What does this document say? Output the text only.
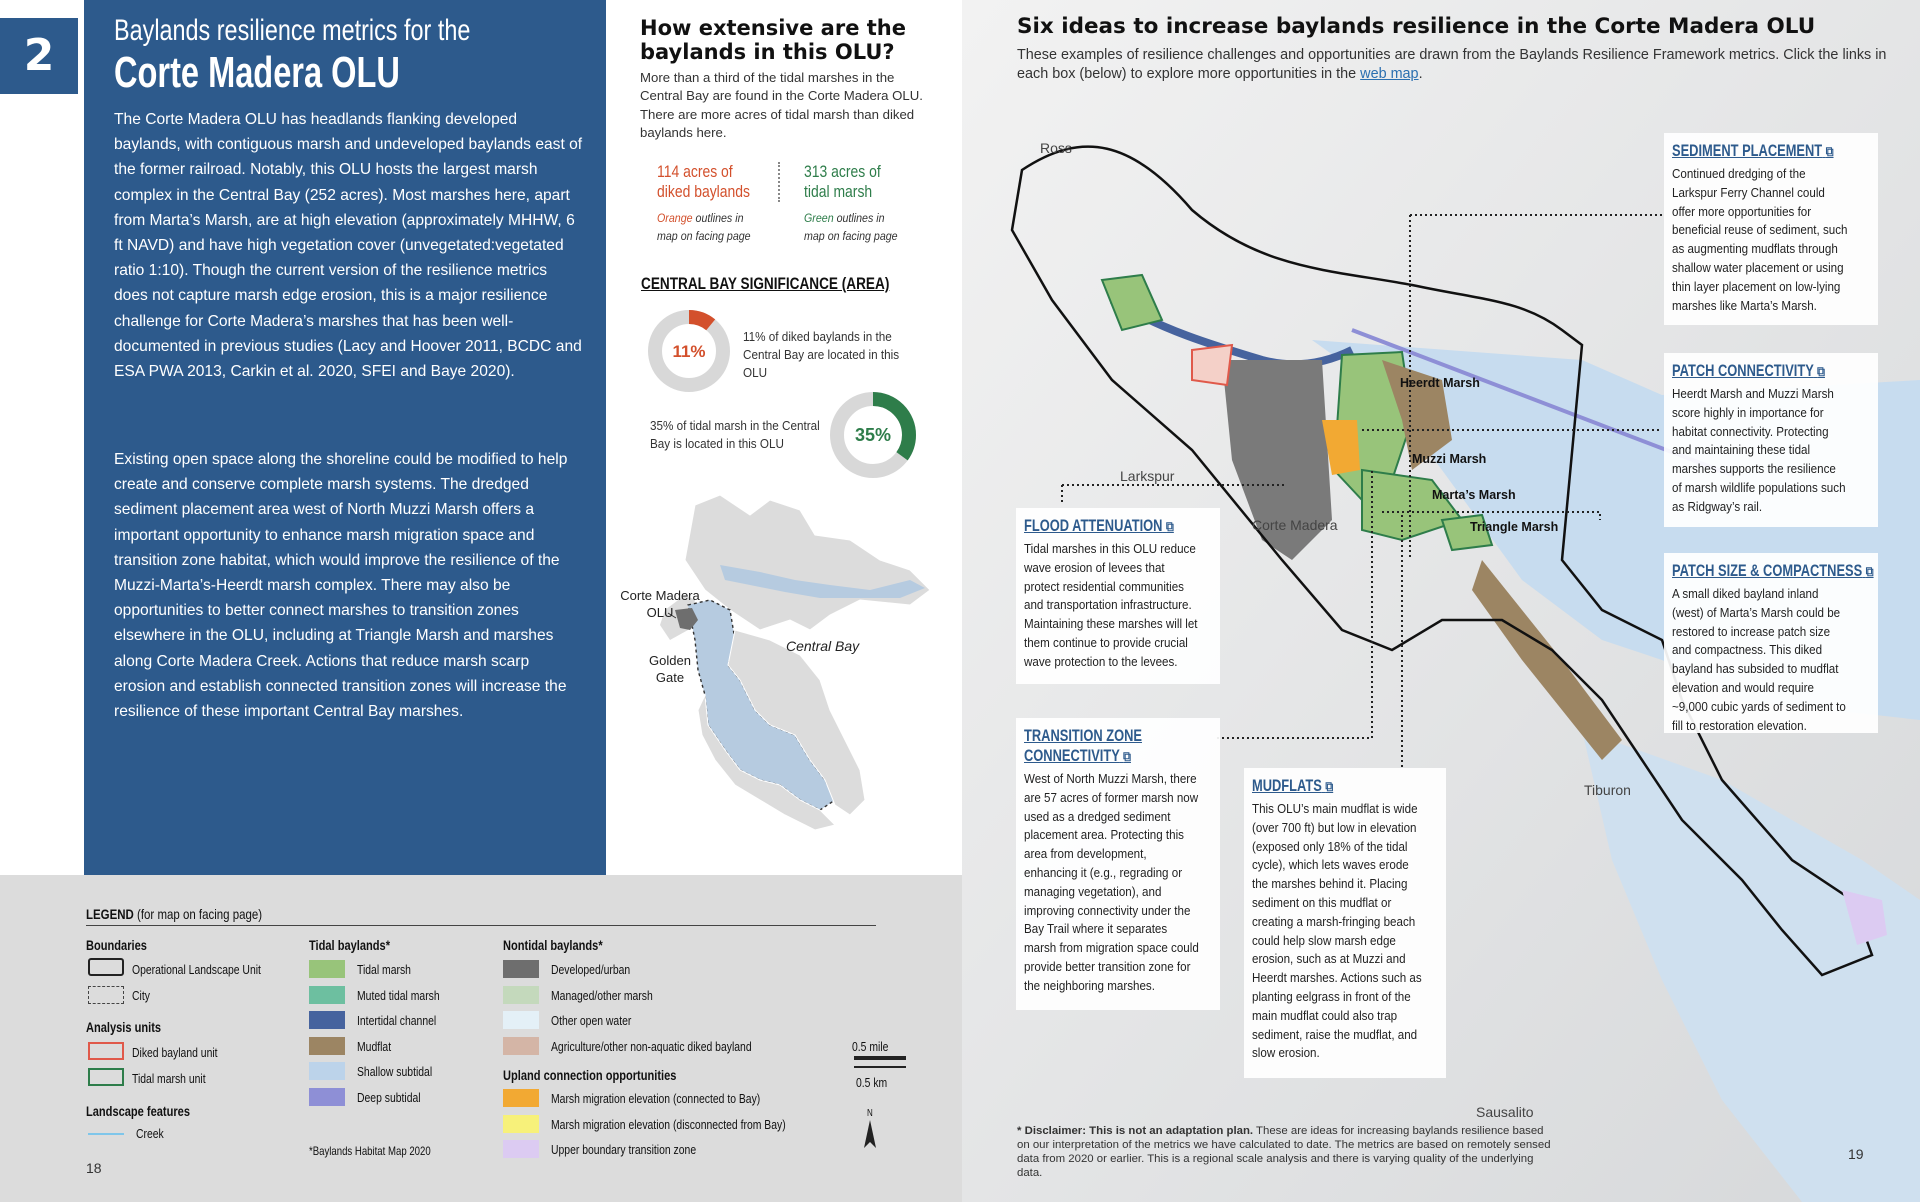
2	Baylands resilience metrics for the
Corte Madera OLU

The Corte Madera OLU has headlands flanking developed baylands, with contiguous marsh and undeveloped baylands east of the former railroad. Notably, this OLU hosts the largest marsh complex in the Central Bay (252 acres). Most marshes here, apart from Marta’s Marsh, are at high elevation (approximately MHHW, 6 ft NAVD) and have high vegetation cover (unvegetated:vegetated ratio 1:10). Though the current version of the resilience metrics does not capture marsh edge erosion, this is a major resilience challenge for Corte Madera’s marshes that has been well-documented in previous studies (Lacy and Hoover 2011, BCDC and ESA PWA 2013, Carkin et al. 2020, SFEI and Baye 2020).

Existing open space along the shoreline could be modified to help create and conserve complete marsh systems. The dredged sediment placement area west of North Muzzi Marsh offers a important opportunity to enhance marsh migration space and transition zone habitat, which would improve the resilience of the Muzzi-Marta’s-Heerdt marsh complex. There may also be opportunities to better connect marshes to transition zones elsewhere in the OLU, including at Triangle Marsh and marshes along Corte Madera Creek. Actions that reduce marsh scarp erosion and establish connected transition zones will increase the resilience of these important Central Bay marshes.

How extensive are the baylands in this OLU?
More than a third of the tidal marshes in the Central Bay are found in the Corte Madera OLU. There are more acres of tidal marsh than diked baylands here.
114 acres of
diked baylands
313 acres of
tidal marsh
Orange outlines in
map on facing page
Green outlines in
map on facing page
CENTRAL BAY SIGNIFICANCE (AREA)
11%
11% of diked baylands in the Central Bay are located in this OLU
35% of tidal marsh in the Central Bay is located in this OLU	35%
Corte Madera OLU
Golden Gate
Central Bay
LEGEND (for map on facing page)
Boundaries
Operational Landscape Unit
City
Analysis units
Diked bayland unit
Tidal marsh unit
Landscape features
Creek
Tidal baylands*
Tidal marsh
Muted tidal marsh
Intertidal channel
Mudflat
Shallow subtidal
Deep subtidal
*Baylands Habitat Map 2020
Nontidal baylands*
Developed/urban
Managed/other marsh
Other open water
Agriculture/other non-aquatic diked bayland
Upland connection opportunities
Marsh migration elevation (connected to Bay)
Marsh migration elevation (disconnected from Bay)
Upper boundary transition zone
0.5 mile
0.5 km
N
18
Six ideas to increase baylands resilience in the Corte Madera OLU
These examples of resilience challenges and opportunities are drawn from the Baylands Resilience Framework metrics. Click the links in each box (below) to explore more opportunities in the web map.
Ross
Larkspur
Corte Madera
Tiburon
Sausalito
Heerdt Marsh
Muzzi Marsh
Marta’s Marsh
Triangle Marsh
SEDIMENT PLACEMENT ⧉
Continued dredging of the Larkspur Ferry Channel could offer more opportunities for beneficial reuse of sediment, such as augmenting mudflats through shallow water placement or using thin layer placement on low-lying marshes like Marta’s Marsh.
PATCH CONNECTIVITY ⧉
Heerdt Marsh and Muzzi Marsh score highly in importance for habitat connectivity. Protecting and maintaining these tidal marshes supports the resilience of marsh wildlife populations such as Ridgway’s rail.
PATCH SIZE & COMPACTNESS ⧉
A small diked bayland inland (west) of Marta’s Marsh could be restored to increase patch size and compactness. This diked bayland has subsided to mudflat elevation and would require ~9,000 cubic yards of sediment to fill to restoration elevation.
FLOOD ATTENUATION ⧉
Tidal marshes in this OLU reduce wave erosion of levees that protect residential communities and transportation infrastructure. Maintaining these marshes will let them continue to provide crucial wave protection to the levees.
TRANSITION ZONE
CONNECTIVITY ⧉
West of North Muzzi Marsh, there are 57 acres of former marsh now used as a dredged sediment placement area. Protecting this area from development, enhancing it (e.g., regrading or managing vegetation), and improving connectivity under the Bay Trail where it separates marsh from migration space could provide better transition zone for the neighboring marshes.
MUDFLATS ⧉
This OLU’s main mudflat is wide (over 700 ft) but low in elevation (exposed only 18% of the tidal cycle), which lets waves erode the marshes behind it. Placing sediment on this mudflat or creating a marsh-fringing beach could help slow marsh edge erosion, such as at Muzzi and Heerdt marshes. Actions such as planting eelgrass in front of the main mudflat could also trap sediment, raise the mudflat, and slow erosion.
* Disclaimer: This is not an adaptation plan. These are ideas for increasing baylands resilience based on our interpretation of the metrics we have calculated to date. The metrics are based on remotely sensed data from 2020 or earlier. This is a regional scale analysis and there is varying quality of the underlying data.
19
